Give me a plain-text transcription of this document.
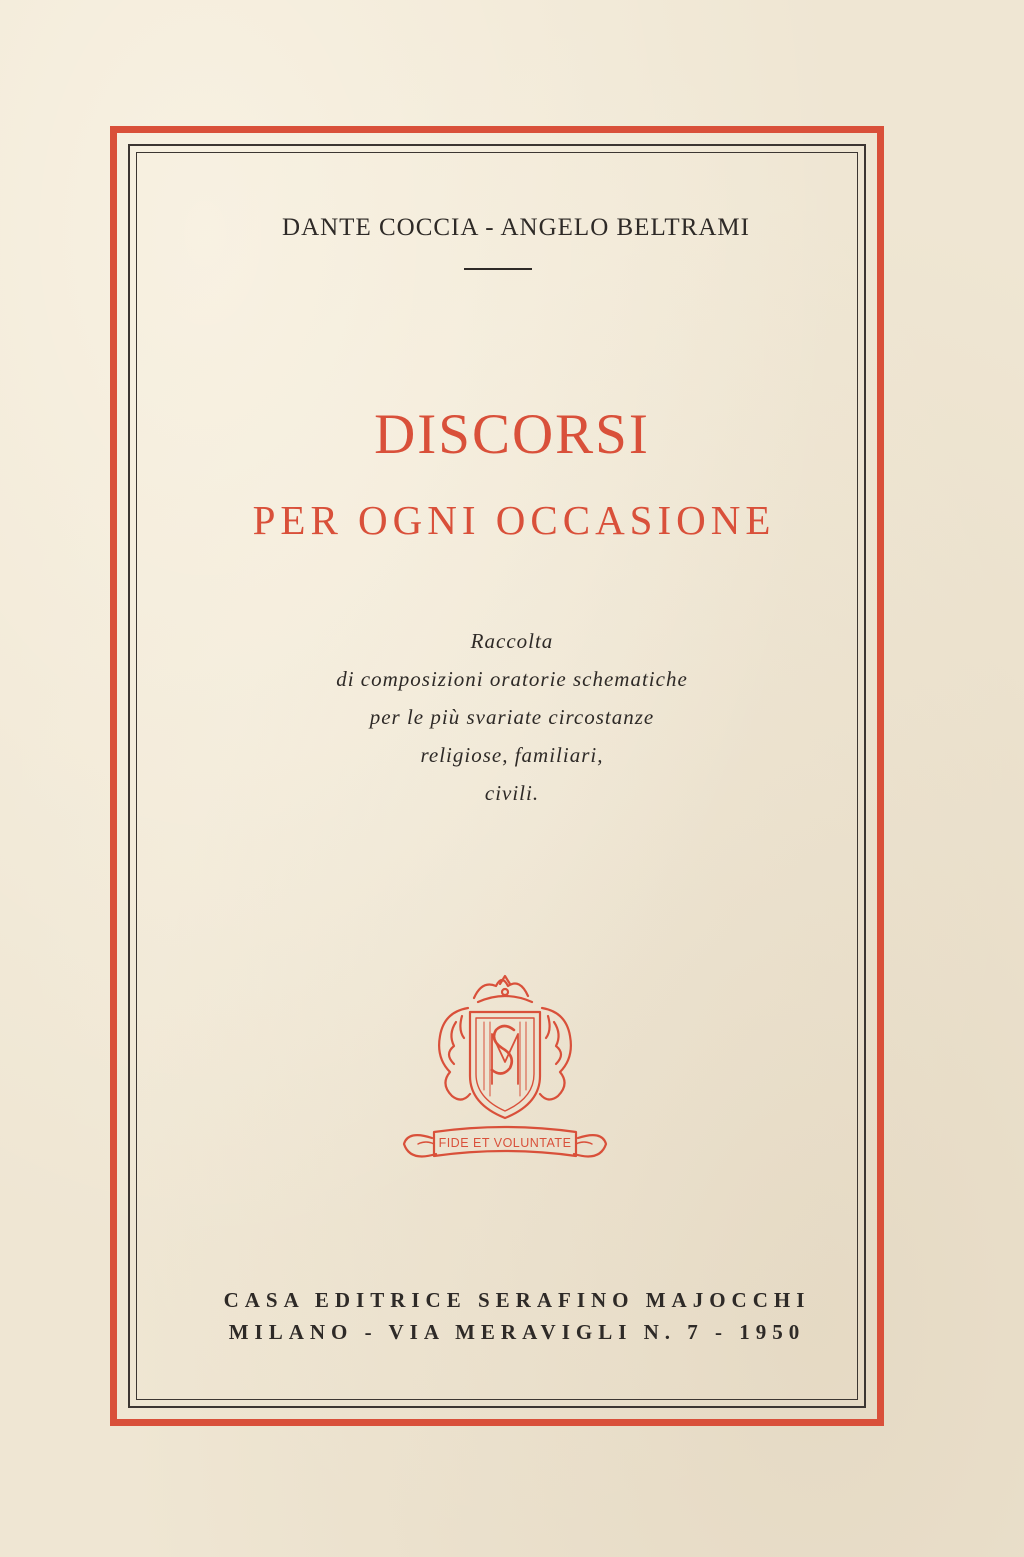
DANTE COCCIA - ANGELO BELTRAMI
DISCORSI
PER OGNI OCCASIONE
Raccolta
di composizioni oratorie schematiche
per le più svariate circostanze
religiose, familiari,
civili.
FIDE ET VOLUNTATE
CASA EDITRICE SERAFINO MAJOCCHI
MILANO - VIA MERAVIGLI N. 7 - 1950
